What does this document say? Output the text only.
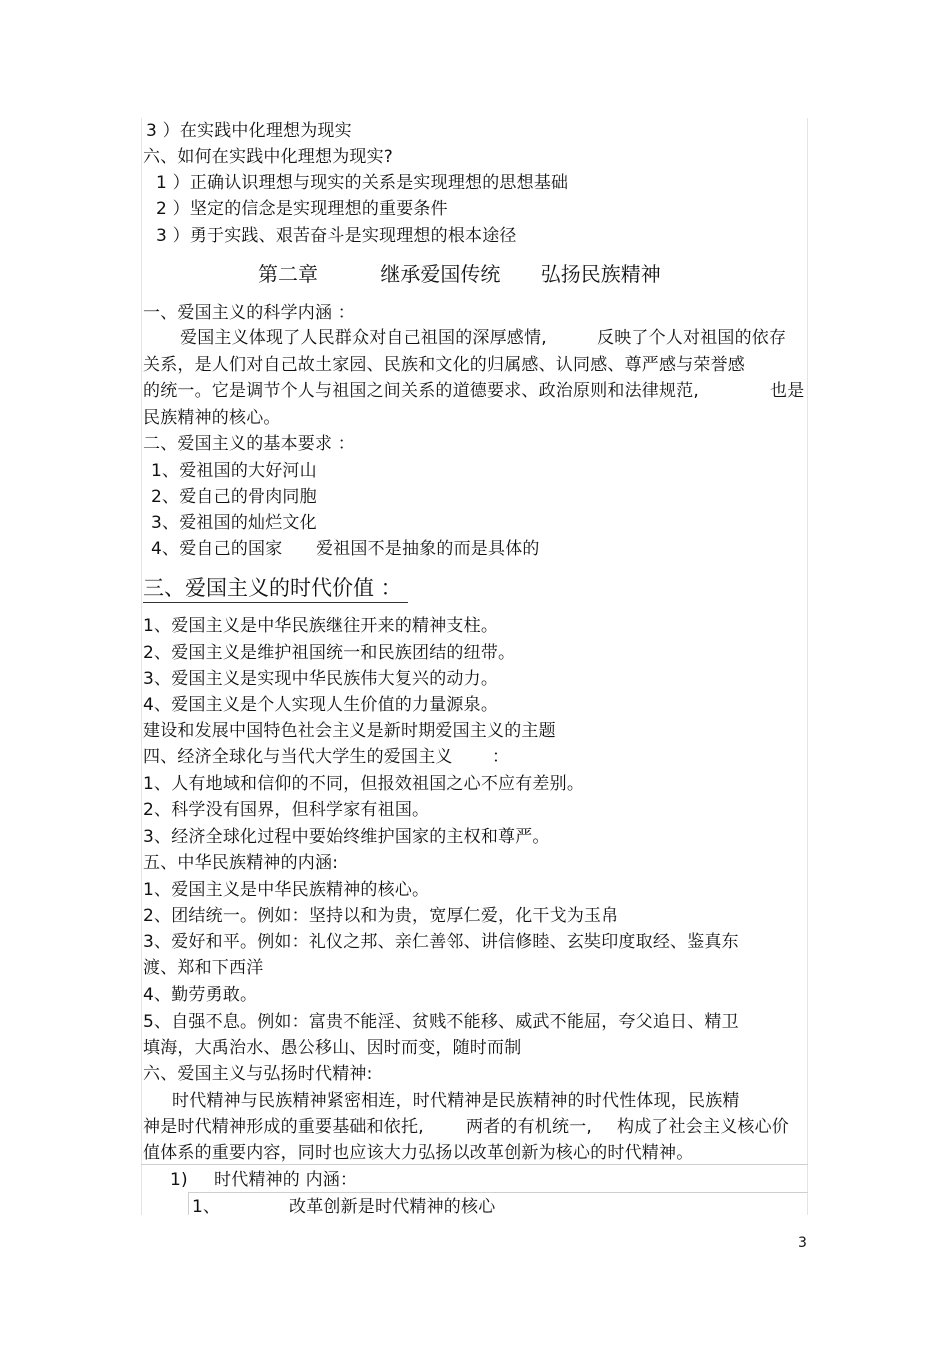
3 ）在实践中化理想为现实
六、如何在实践中化理想为现实?
1 ）正确认识理想与现实的关系是实现理想的思想基础
2 ）坚定的信念是实现理想的重要条件
3 ）勇于实践、艰苦奋斗是实现理想的根本途径
第二章	继承爱国传统 弘扬民族精神
一、爱国主义的科学内涵 ：
爱国主义体现了人民群众对自己祖国的深厚感情,	反映了个人对祖国的依存
关系，是人们对自己故土家园、民族和文化的归属感、认同感、尊严感与荣誉感
的统一。它是调节个人与祖国之间关系的道德要求、政治原则和法律规范,	也是
民族精神的核心。
二、爱国主义的基本要求 ：
1、爱祖国的大好河山
2、爱自己的骨肉同胞
3、爱祖国的灿烂文化
4、爱自己的国家 爱祖国不是抽象的而是具体的
三、爱国主义的时代价值 ：
1、爱国主义是中华民族继往开来的精神支柱。
2、爱国主义是维护祖国统一和民族团结的纽带。
3、爱国主义是实现中华民族伟大复兴的动力。
4、爱国主义是个人实现人生价值的力量源泉。
建设和发展中国特色社会主义是新时期爱国主义的主题
四、经济全球化与当代大学生的爱国主义 ：
1、人有地域和信仰的不同，但报效祖国之心不应有差别。
2、科学没有国界，但科学家有祖国。
3、经济全球化过程中要始终维护国家的主权和尊严。
五、中华民族精神的内涵:
1、爱国主义是中华民族精神的核心。
2、团结统一。例如：坚持以和为贵，宽厚仁爱，化干戈为玉帛
3、爱好和平。例如：礼仪之邦、亲仁善邻、讲信修睦、玄奘印度取经、鉴真东
渡、郑和下西洋
4、勤劳勇敢。
5、自强不息。例如：富贵不能淫、贫贱不能移、威武不能屈，夸父追日、精卫
填海，大禹治水、愚公移山、因时而变，随时而制
六、爱国主义与弘扬时代精神:
时代精神与民族精神紧密相连，时代精神是民族精神的时代性体现，民族精
神是时代精神形成的重要基础和依托, 两者的有机统一, 构成了社会主义核心价
值体系的重要内容，同时也应该大力弘扬以改革创新为核心的时代精神。
1) 时代精神的 内涵：
1、	改革创新是时代精神的核心
3
